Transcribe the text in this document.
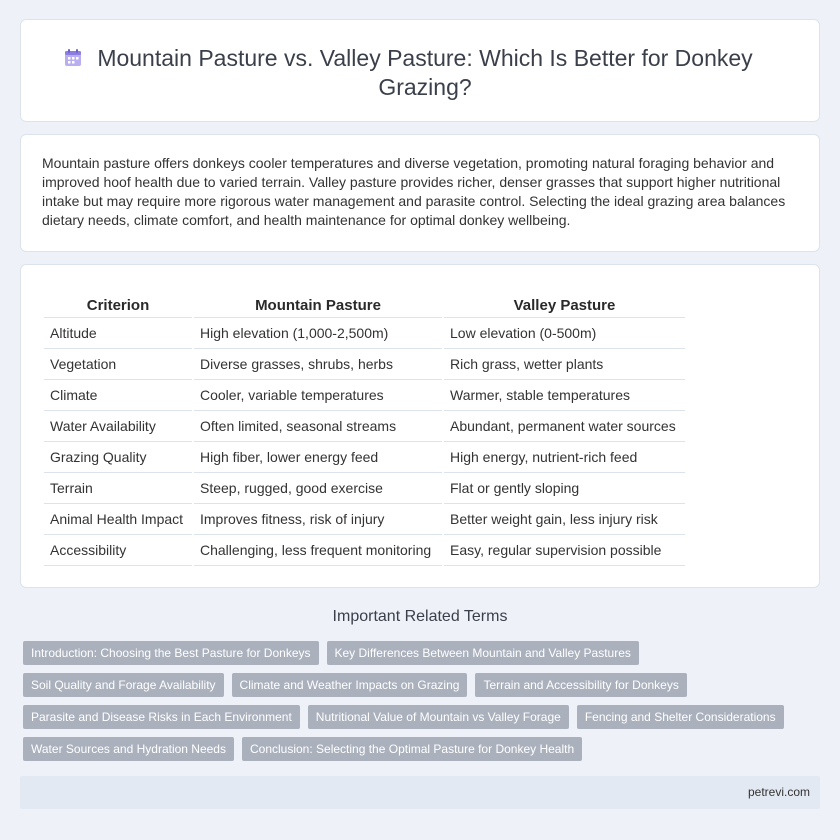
Mountain Pasture vs. Valley Pasture: Which Is Better for Donkey Grazing?

Mountain pasture offers donkeys cooler temperatures and diverse vegetation, promoting natural foraging behavior and improved hoof health due to varied terrain. Valley pasture provides richer, denser grasses that support higher nutritional intake but may require more rigorous water management and parasite control. Selecting the ideal grazing area balances dietary needs, climate comfort, and health maintenance for optimal donkey wellbeing.

Criterion	Mountain Pasture	Valley Pasture
Altitude	High elevation (1,000-2,500m)	Low elevation (0-500m)
Vegetation	Diverse grasses, shrubs, herbs	Rich grass, wetter plants
Climate	Cooler, variable temperatures	Warmer, stable temperatures
Water Availability	Often limited, seasonal streams	Abundant, permanent water sources
Grazing Quality	High fiber, lower energy feed	High energy, nutrient-rich feed
Terrain	Steep, rugged, good exercise	Flat or gently sloping
Animal Health Impact	Improves fitness, risk of injury	Better weight gain, less injury risk
Accessibility	Challenging, less frequent monitoring	Easy, regular supervision possible
Important Related Terms
Introduction: Choosing the Best Pasture for Donkeys	Key Differences Between Mountain and Valley Pastures
Soil Quality and Forage Availability	Climate and Weather Impacts on Grazing	Terrain and Accessibility for Donkeys
Parasite and Disease Risks in Each Environment	Nutritional Value of Mountain vs Valley Forage	Fencing and Shelter Considerations
Water Sources and Hydration Needs	Conclusion: Selecting the Optimal Pasture for Donkey Health
petrevi.com
